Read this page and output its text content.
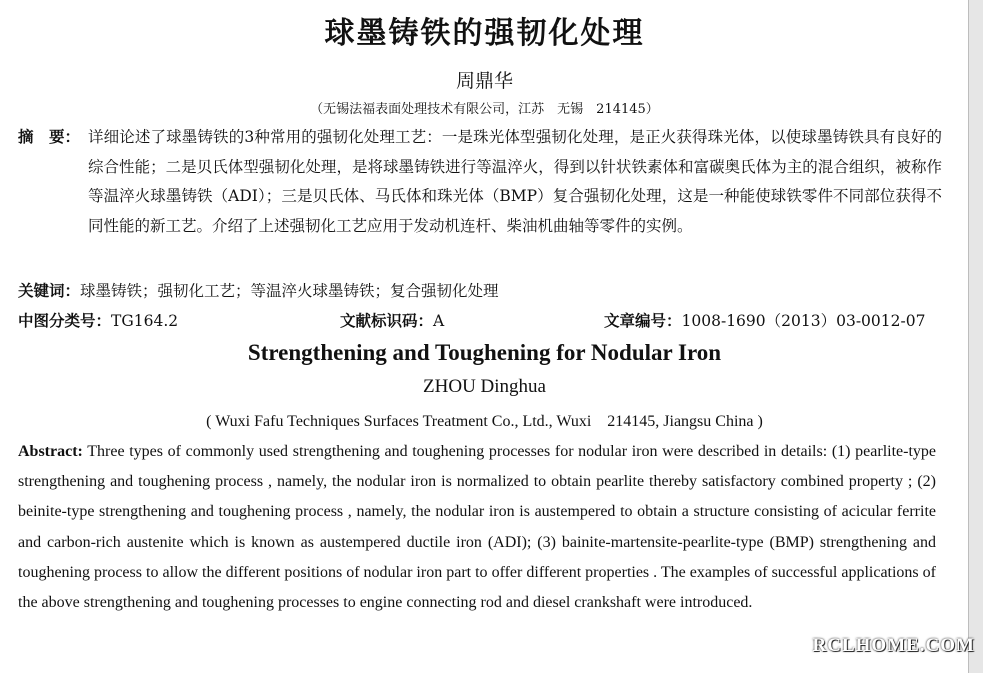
球墨铸铁的强韧化处理
周鼎华
（无锡法福表面处理技术有限公司，江苏　无锡　214145）
摘　要： 详细论述了球墨铸铁的3种常用的强韧化处理工艺：一是珠光体型强韧化处理，是正火获得珠光体，以使球墨铸铁具有良好的综合性能；二是贝氏体型强韧化处理，是将球墨铸铁进行等温淬火，得到以针状铁素体和富碳奥氏体为主的混合组织，被称作等温淬火球墨铸铁（ADI）；三是贝氏体、马氏体和珠光体（BMP）复合强韧化处理，这是一种能使球铁零件不同部位获得不同性能的新工艺。介绍了上述强韧化工艺应用于发动机连杆、柴油机曲轴等零件的实例。
关键词：球墨铸铁；强韧化工艺；等温淬火球墨铸铁；复合强韧化处理
中图分类号：TG164.2	文献标识码：A	文章编号：1008-1690（2013）03-0012-07
Strengthening and Toughening for Nodular Iron
ZHOU Dinghua
( Wuxi Fafu Techniques Surfaces Treatment Co., Ltd., Wuxi　214145, Jiangsu China )
Abstract: Three types of commonly used strengthening and toughening processes for nodular iron were described in details: (1) pearlite-type strengthening and toughening process , namely, the nodular iron is normalized to obtain pearlite thereby satisfactory combined property ; (2) beinite-type strengthening and toughening process , namely, the nodular iron is austempered to obtain a structure consisting of acicular ferrite and carbon-rich austenite which is known as austempered ductile iron (ADI); (3) bainite-martensite-pearlite-type (BMP) strengthening and toughening process to allow the different positions of nodular iron part to offer different properties . The examples of successful applications of the above strengthening and toughening processes to engine connecting rod and diesel crankshaft were introduced.
RCLHOME.COM
